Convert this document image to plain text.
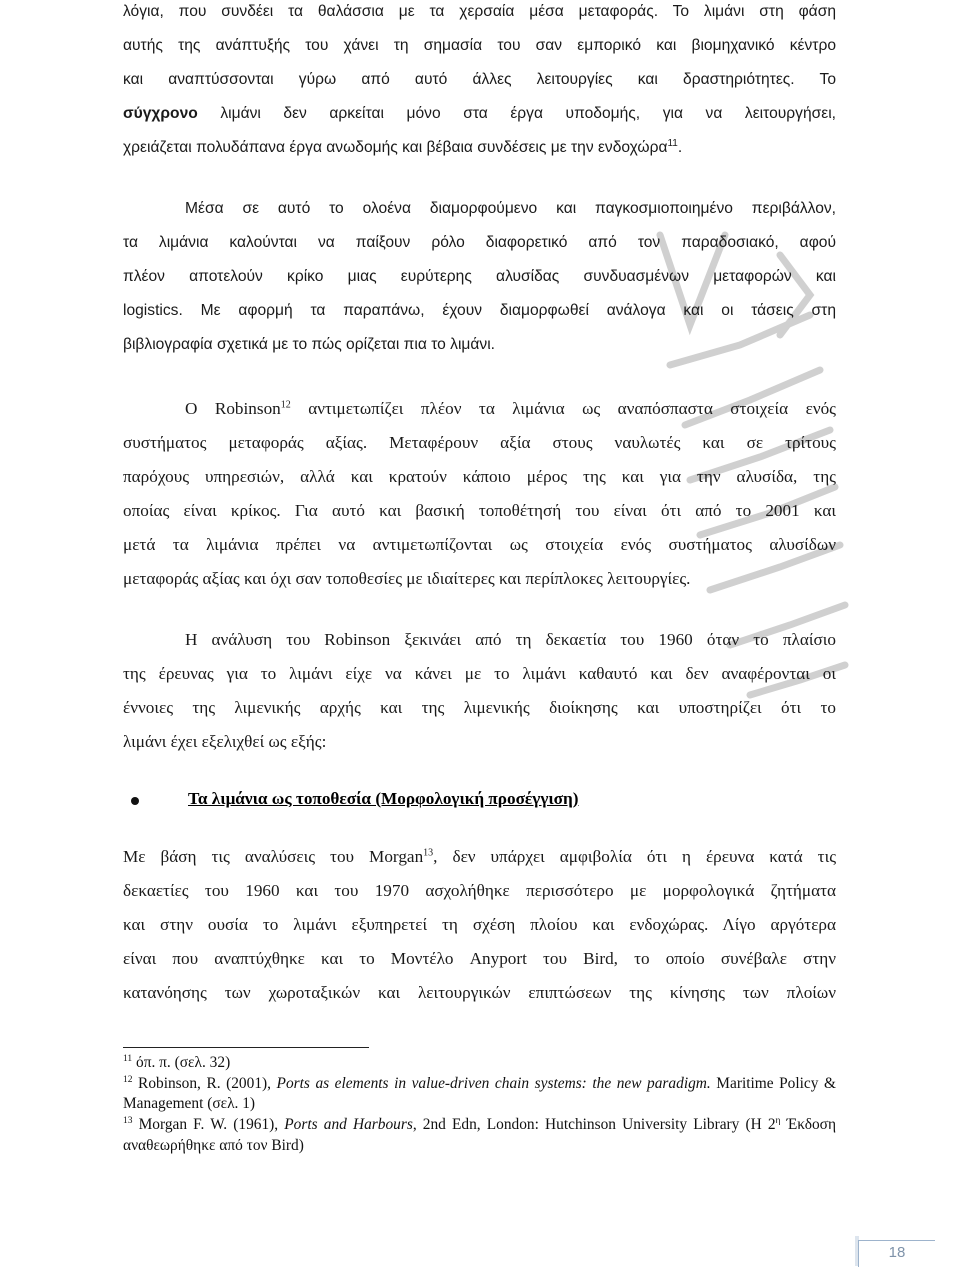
λόγια, που συνδέει τα θαλάσσια με τα χερσαία μέσα μεταφοράς. Το λιμάνι στη φάση
αυτής της ανάπτυξής του χάνει τη σημασία του σαν εμπορικό και βιομηχανικό κέντρο
και αναπτύσσονται γύρω από αυτό άλλες λειτουργίες και δραστηριότητες. Το
σύγχρονο λιμάνι δεν αρκείται μόνο στα έργα υποδομής, για να λειτουργήσει,
χρειάζεται πολυδάπανα έργα ανωδομής και βέβαια συνδέσεις με την ενδοχώρα$^{11}$.
Μέσα σε αυτό το ολοένα διαμορφούμενο και παγκοσμιοποιημένο περιβάλλον,
τα λιμάνια καλούνται να παίξουν ρόλο διαφορετικό από τον παραδοσιακό, αφού
πλέον αποτελούν κρίκο μιας ευρύτερης αλυσίδας συνδυασμένων μεταφορών και
logistics. Με αφορμή τα παραπάνω, έχουν διαμορφωθεί ανάλογα και οι τάσεις στη
βιβλιογραφία σχετικά με το πώς ορίζεται πια το λιμάνι.
Ο Robinson$^{12}$ αντιμετωπίζει πλέον τα λιμάνια ως αναπόσπαστα στοιχεία ενός
συστήματος μεταφοράς αξίας. Μεταφέρουν αξία στους ναυλωτές και σε τρίτους
παρόχους υπηρεσιών, αλλά και κρατούν κάποιο μέρος της και για την αλυσίδα, της
οποίας είναι κρίκος. Για αυτό και βασική τοποθέτησή του είναι ότι από το 2001 και
μετά τα λιμάνια πρέπει να αντιμετωπίζονται ως στοιχεία ενός συστήματος αλυσίδων
μεταφοράς αξίας και όχι σαν τοποθεσίες με ιδιαίτερες και περίπλοκες λειτουργίες.
Η ανάλυση του Robinson ξεκινάει από τη δεκαετία του 1960 όταν το πλαίσιο
της έρευνας για το λιμάνι είχε να κάνει με το λιμάνι καθαυτό και δεν αναφέρονται οι
έννοιες της λιμενικής αρχής και της λιμενικής διοίκησης και υποστηρίζει ότι το
λιμάνι έχει εξελιχθεί ως εξής:
Τα λιμάνια ως τοποθεσία (Μορφολογική προσέγγιση)
Με βάση τις αναλύσεις του Morgan$^{13}$, δεν υπάρχει αμφιβολία ότι η έρευνα κατά τις
δεκαετίες του 1960 και του 1970 ασχολήθηκε περισσότερο με μορφολογικά ζητήματα
και στην ουσία το λιμάνι εξυπηρετεί τη σχέση πλοίου και ενδοχώρας. Λίγο αργότερα
είναι που αναπτύχθηκε και το Μοντέλο Anyport του Bird, το οποίο συνέβαλε στην
κατανόησης των χωροταξικών και λειτουργικών επιπτώσεων της κίνησης των πλοίων
$^{11}$ όπ. π. (σελ. 32)
$^{12}$ Robinson, R. (2001), Ports as elements in value-driven chain systems: the new paradigm. Maritime Policy & Management (σελ. 1)
$^{13}$ Morgan F. W. (1961), Ports and Harbours, 2nd Edn, London: Hutchinson University Library (Η $2^\eta$ Έκδοση αναθεωρήθηκε από τον Bird)
18
